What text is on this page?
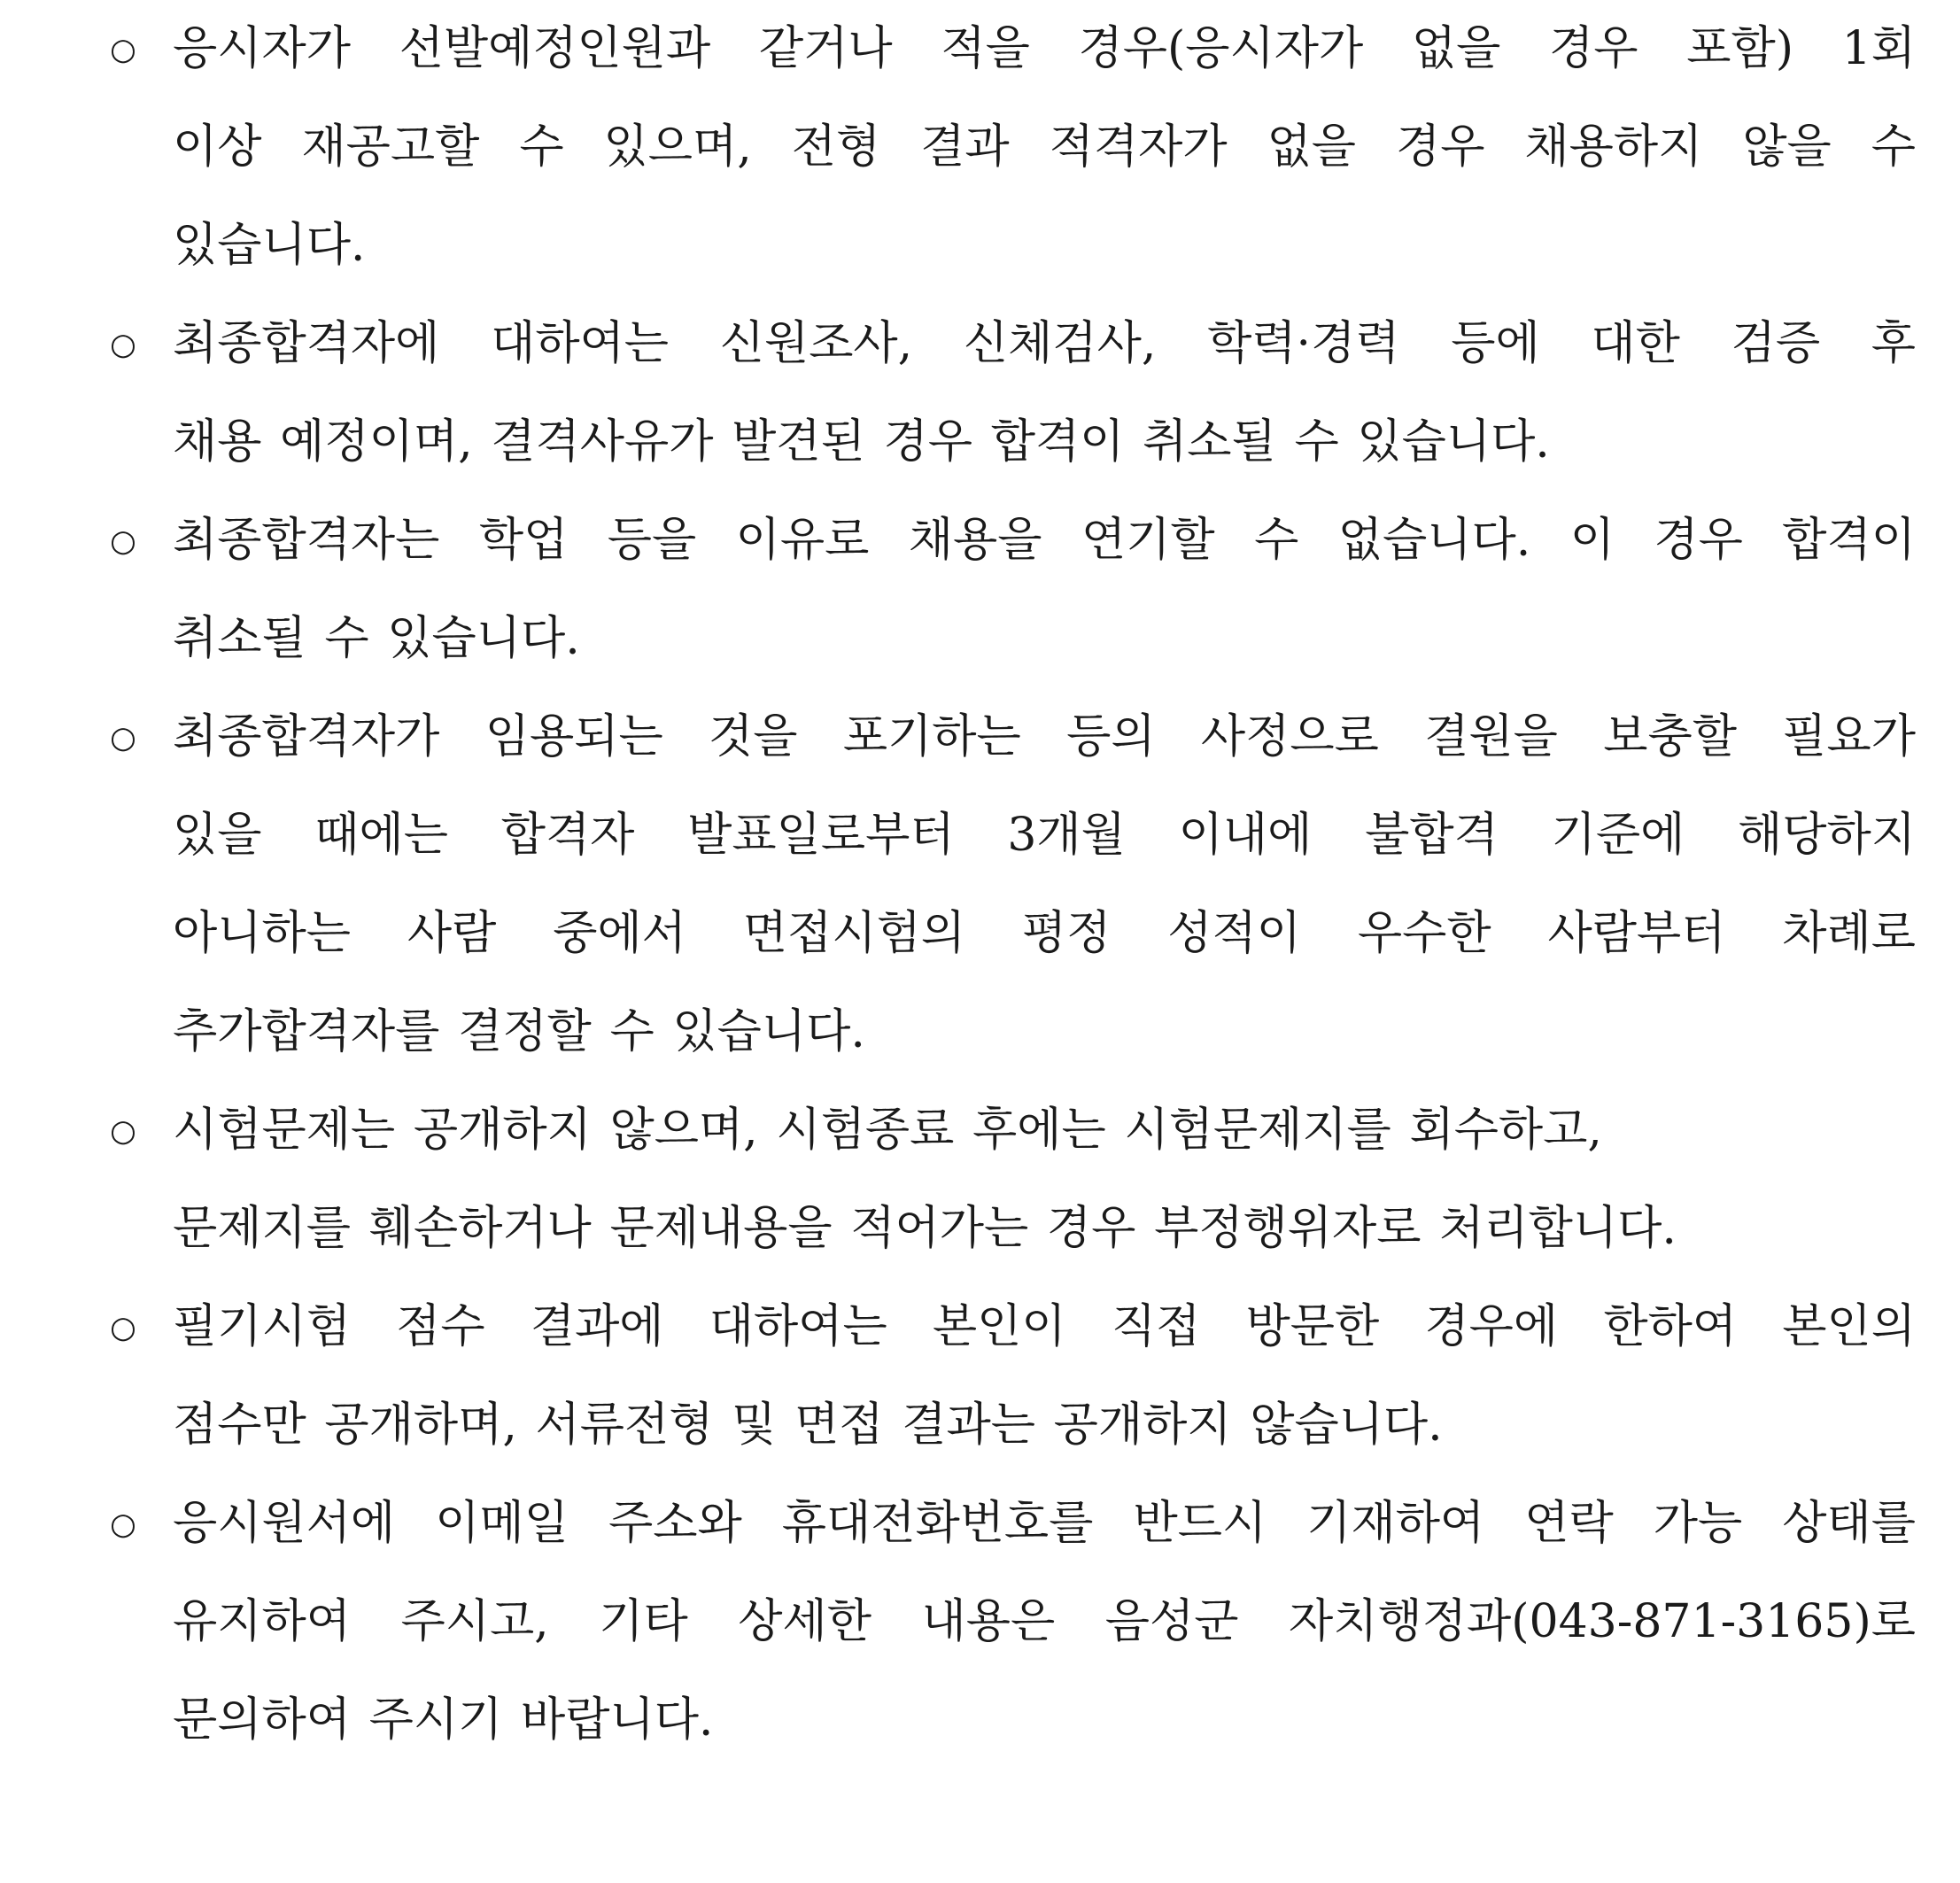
○ 응시자가 선발예정인원과 같거나 적을 경우(응시자가 없을 경우 포함) 1회
이상 재공고할 수 있으며, 전형 결과 적격자가 없을 경우 채용하지 않을 수
있습니다.
○ 최종합격자에 대하여는 신원조사, 신체검사, 학력·경력 등에 대한 검증 후
채용 예정이며, 결격사유가 발견된 경우 합격이 취소될 수 있습니다.
○ 최종합격자는 학업 등을 이유로 채용을 연기할 수 없습니다. 이 경우 합격이
취소될 수 있습니다.
○ 최종합격자가 임용되는 것을 포기하는 등의 사정으로 결원을 보충할 필요가
있을 때에는 합격자 발표일로부터 3개월 이내에 불합격 기준에 해당하지
아니하는 사람 중에서 면접시험의 평정 성적이 우수한 사람부터 차례로
추가합격자를 결정할 수 있습니다.
○ 시험문제는 공개하지 않으며, 시험종료 후에는 시험문제지를 회수하고,
문제지를 훼손하거나 문제내용을 적어가는 경우 부정행위자로 처리합니다.
○ 필기시험 점수 결과에 대하여는 본인이 직접 방문한 경우에 한하여 본인의
점수만 공개하며, 서류전형 및 면접 결과는 공개하지 않습니다.
○ 응시원서에 이메일 주소와 휴대전화번호를 반드시 기재하여 연락 가능 상태를
유지하여 주시고, 기타 상세한 내용은 음성군 자치행정과(043-871-3165)로
문의하여 주시기 바랍니다.
